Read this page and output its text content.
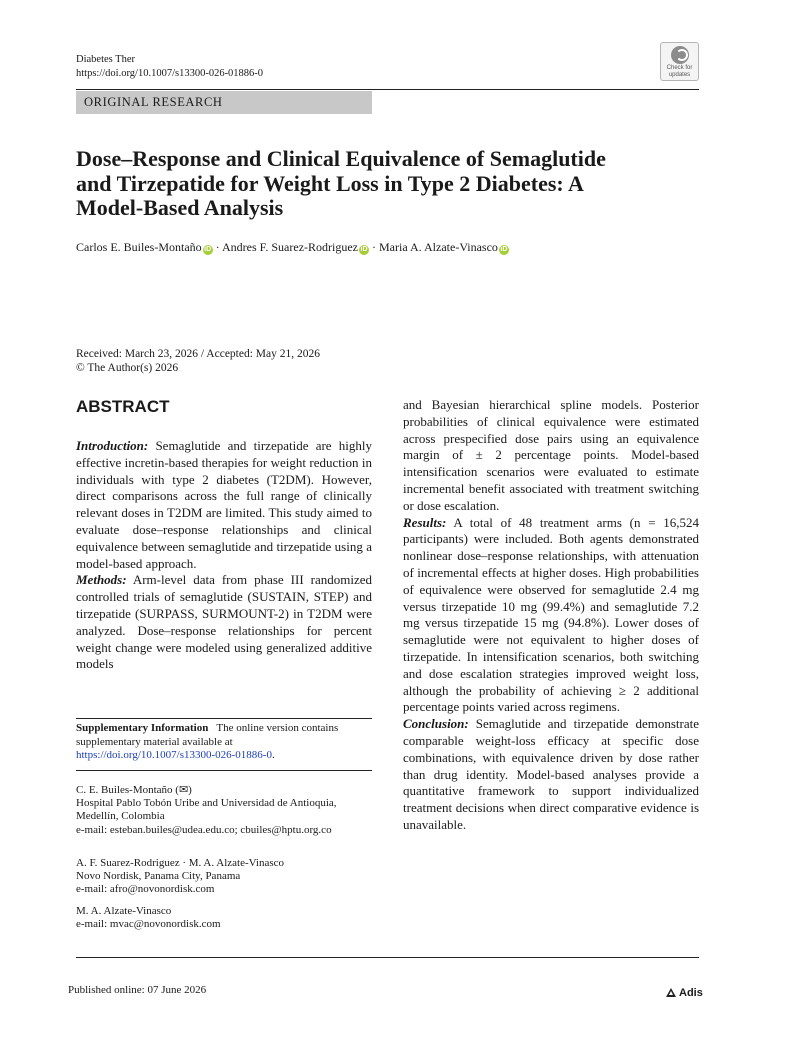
Diabetes Ther
https://doi.org/10.1007/s13300-026-01886-0	Check for
updates
ORIGINAL RESEARCH
Dose–Response and Clinical Equivalence of Semaglutide and Tirzepatide for Weight Loss in Type 2 Diabetes: A Model-Based Analysis
Carlos E. Builes-Montaño iD · Andres F. Suarez-Rodriguez iD · Maria A. Alzate-Vinasco iD
Received: March 23, 2026 / Accepted: May 21, 2026
© The Author(s) 2026
ABSTRACT

Introduction: Semaglutide and tirzepatide are highly effective incretin-based therapies for weight reduction in individuals with type 2 diabetes (T2DM). However, direct comparisons across the full range of clinically relevant doses in T2DM are limited. This study aimed to evaluate dose–response relationships and clinical equivalence between semaglutide and tirzepatide using a model-based approach.

Methods: Arm-level data from phase III randomized controlled trials of semaglutide (SUSTAIN, STEP) and tirzepatide (SURPASS, SURMOUNT-2) in T2DM were analyzed. Dose–response relationships for percent weight change were modeled using generalized additive models

and Bayesian hierarchical spline models. Posterior probabilities of clinical equivalence were estimated across prespecified dose pairs using an equivalence margin of ± 2 percentage points. Model-based intensification scenarios were evaluated to estimate incremental benefit associated with treatment switching or dose escalation.

Results: A total of 48 treatment arms (n = 16,524 participants) were included. Both agents demonstrated nonlinear dose–response relationships, with attenuation of incremental effects at higher doses. High probabilities of equivalence were observed for semaglutide 2.4 mg versus tirzepatide 10 mg (99.4%) and semaglutide 7.2 mg versus tirzepatide 15 mg (94.8%). Lower doses of semaglutide were not equivalent to higher doses of tirzepatide. In intensification scenarios, both switching and dose escalation strategies improved weight loss, although the probability of achieving ≥ 2 additional percentage points varied across regimens.

Conclusion: Semaglutide and tirzepatide demonstrate comparable weight-loss efficacy at specific dose combinations, with equivalence driven by dose rather than drug identity. Model-based analyses provide a quantitative framework to support individualized treatment decisions when direct comparative evidence is unavailable.

Supplementary Information The online version contains supplementary material available at https://doi.org/10.1007/s13300-026-01886-0.
C. E. Builes-Montaño (✉)
Hospital Pablo Tobón Uribe and Universidad de Antioquia, Medellín, Colombia
e-mail: esteban.builes@udea.edu.co; cbuiles@hptu.org.co
A. F. Suarez-Rodriguez · M. A. Alzate-Vinasco
Novo Nordisk, Panama City, Panama
e-mail: afro@novonordisk.com
M. A. Alzate-Vinasco
e-mail: mvac@novonordisk.com
Published online: 07 June 2026	Adis
